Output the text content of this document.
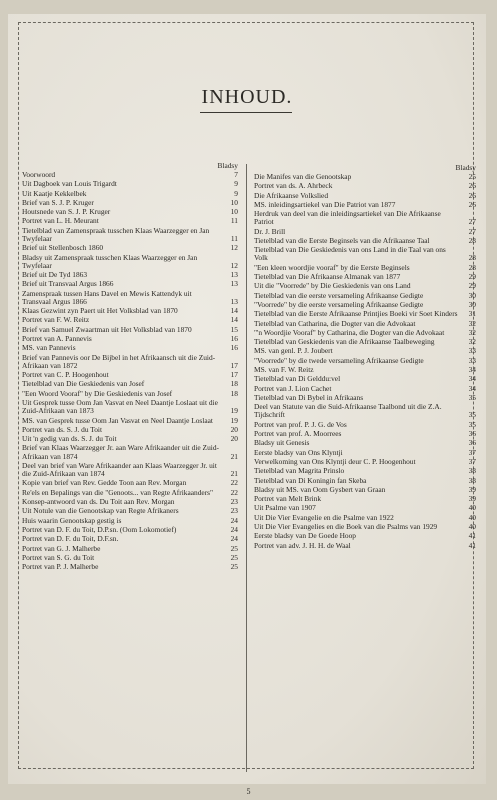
INHOUD.
Bladsy
Voorwoord	7
Uit Dagboek van Louis Trigardt	9
Uit Kaatje Kekkelbek	9
Brief van S. J. P. Kruger	10
Houtsnede van S. J. P. Kruger	10
Portret van L. H. Meurant	11
Tietelblad van Zamenspraak tusschen Klaas Waarzegger en Jan Twyfelaar	11
Brief uit Stellenbosch 1860	12
Bladsy uit Zamenspraak tusschen Klaas Waarzegger en Jan Twyfelaar	12
Brief uit De Tyd 1863	13
Brief uit Transvaal Argus 1866	13
Zamenspraak tussen Hans Davel en Mewis Kattendyk uit Transvaal Argus 1866	13
Klaas Gezwint zyn Paert uit Het Volksblad van 1870	14
Portret van F. W. Reitz	14
Brief van Samuel Zwaartman uit Het Volksblad van 1870	15
Portret van A. Pannevis	16
MS. van Pannevis	16
Brief van Pannevis oor De Bijbel in het Afrikaansch uit die Zuid-Afrikaan van 1872	17
Portret van C. P. Hoogenhout	17
Tietelblad van Die Geskiedenis van Josef	18
"Een Woord Vooraf" by Die Geskiedenis van Josef	18
Uit Gesprek tusse Oom Jan Vasvat en Neel Daantje Loslaat uit die Zuid-Afrikaan van 1873	19
MS. van Gesprek tusse Oom Jan Vasvat en Neel Daantje Loslaat	19
Portret van ds. S. J. du Toit	20
Uit 'n gedig van ds. S. J. du Toit	20
Brief van Klaas Waarzegger Jr. aan Ware Afrikaander uit die Zuid-Afrikaan van 1874	21
Deel van brief van Ware Afrikaander aan Klaas Waarzegger Jr. uit die Zuid-Afrikaan van 1874	21
Kopie van brief van Rev. Gedde Toon aan Rev. Morgan	22
Re'els en Bepalings van die "Genoots... van Regte Afrikaanders"	22
Konsep-antwoord van ds. Du Toit aan Rev. Morgan	23
Uit Notule van die Genootskap van Regte Afrikaners	23
Huis waarin Genootskap gestig is	24
Portret van D. F. du Toit, D.P.sn. (Oom Lokomotief)	24
Portret van D. F. du Toit, D.F.sn.	24
Portret van G. J. Malherbe	25
Portret van S. G. du Toit	25
Portret van P. J. Malherbe	25
Bladsy
Die Manifes van die Genootskap	25
Portret van ds. A. Ahrbeck	26
Die Afrikaanse Volkslied	26
MS. inleidingsartiekel van Die Patriot van 1877	26
Herdruk van deel van die inleidingsartiekel van Die Afrikaanse Patriot	27
Dr. J. Brill	27
Tietelblad van die Eerste Beginsels van die Afrikaanse Taal	28
Tietelblad van Die Geskiedenis van ons Land in die Taal van ons Volk	28
"Een kleen woordjie vooraf" by die Eerste Beginsels	28
Tietelblad van Die Afrikaanse Almanak van 1877	29
Uit die "Voorrede" by Die Geskiedenis van ons Land	29
Tietelblad van die eerste versameling Afrikaanse Gedigte	30
"Voorrede" by die eerste versameling Afrikaanse Gedigte	30
Tietelblad van die Eerste Afrikaanse Printjies Boeki vir Soet Kinders	31
Tietelblad van Catharina, die Dogter van die Advokaat	32
"'n Woordjie Vooraf" by Catharina, die Dogter van die Advokaat	32
Tietelblad van Geskiedenis van die Afrikaanse Taalbeweging	32
MS. van genl. P. J. Joubert	33
"Voorrede" by die twede versameling Afrikaanse Gedigte	33
MS. van F. W. Reitz	34
Tietelblad van Di Gelddu:vel	34
Portret van J. Lion Cachet	34
Tietelblad van Di Bybel in Afrikaans	35
Deel van Statute van die Suid-Afrikaanse Taalbond uit die Z.A. Tijdschrift	35
Portret van prof. P. J. G. de Vos	35
Portret van prof. A. Moorrees	36
Bladsy uit Genesis	36
Eerste bladsy van Ons Klyntji	37
Verwelkoming van Ons Klyntji deur C. P. Hoogenhout	37
Tietelblad van Magrita Prinslo	38
Tietelblad van Di Koningin fan Skeba	38
Bladsy uit MS. van Oom Gysbert van Graan	39
Portret van Melt Brink	39
Uit Psalme van 1907	40
Uit Die Vier Evangelie en die Psalme van 1922	40
Uit Die Vier Evangelies en die Boek van die Psalms van 1929	40
Eerste bladsy van De Goede Hoop	41
Portret van adv. J. H. H. de Waal	41
5
